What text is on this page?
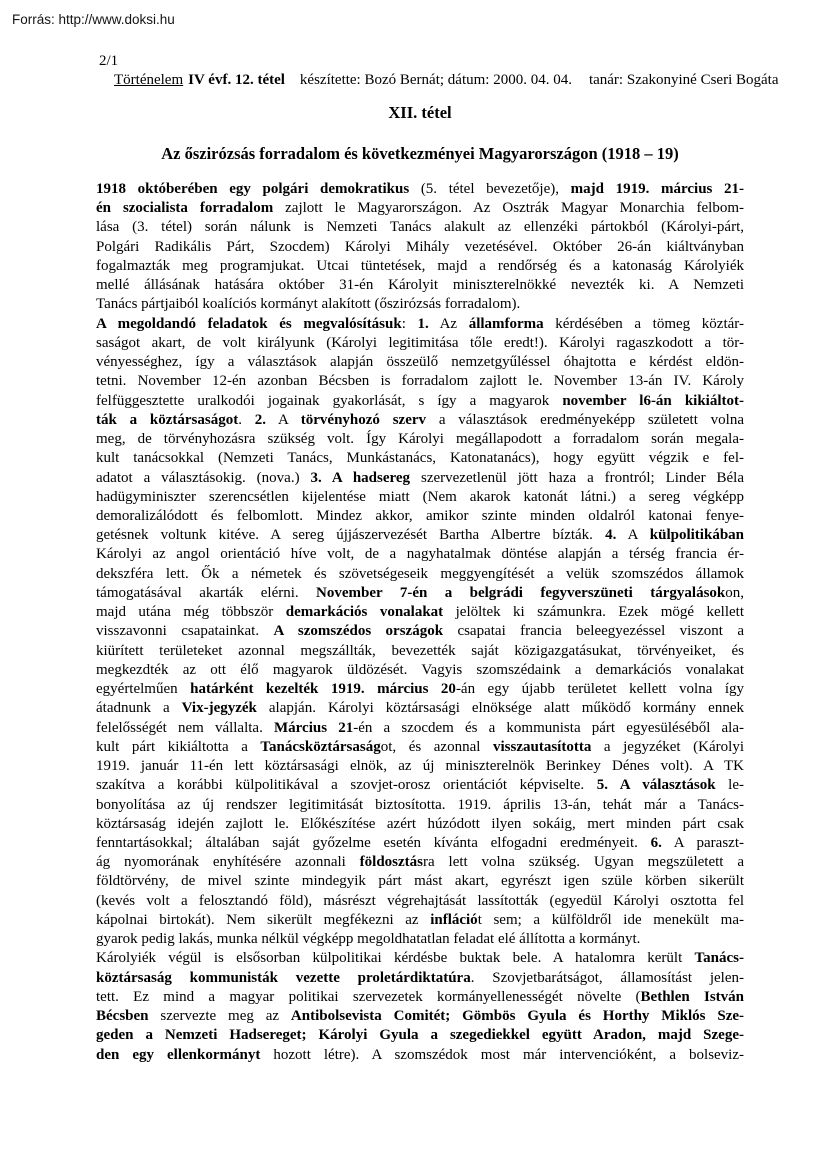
Forrás: http://www.doksi.hu
2/1
Történelem IV évf. 12. tétel készítette: Bozó Bernát; dátum: 2000. 04. 04. tanár: Szakonyiné Cseri Bogáta
XII. tétel
Az őszirózsás forradalom és következményei Magyarországon (1918 – 19)
1918 októberében egy polgári demokratikus (5. tétel bevezetője), majd 1919. március 21-
én szocialista forradalom zajlott le Magyarországon. Az Osztrák Magyar Monarchia felbom-
lása (3. tétel) során nálunk is Nemzeti Tanács alakult az ellenzéki pártokból (Károlyi-párt,
Polgári Radikális Párt, Szocdem) Károlyi Mihály vezetésével. Október 26-án kiáltványban
fogalmazták meg programjukat. Utcai tüntetések, majd a rendőrség és a katonaság Károlyiék
mellé állásának hatására október 31-én Károlyit miniszterelnökké nevezték ki. A Nemzeti
Tanács pártjaiból koalíciós kormányt alakított (őszirózsás forradalom).
A megoldandó feladatok és megvalósításuk: 1. Az államforma kérdésében a tömeg köztár-
saságot akart, de volt királyunk (Károlyi legitimitása tőle eredt!). Károlyi ragaszkodott a tör-
vényességhez, így a választások alapján összeülő nemzetgyűléssel óhajtotta e kérdést eldön-
tetni. November 12-én azonban Bécsben is forradalom zajlott le. November 13-án IV. Károly
felfüggesztette uralkodói jogainak gyakorlását, s így a magyarok november l6-án kikiáltot-
ták a köztársaságot. 2. A törvényhozó szerv a választások eredményeképp született volna
meg, de törvényhozásra szükség volt. Így Károlyi megállapodott a forradalom során megala-
kult tanácsokkal (Nemzeti Tanács, Munkástanács, Katonatanács), hogy együtt végzik e fel-
adatot a választásokig. (nova.) 3. A hadsereg szervezetlenül jött haza a frontról; Linder Béla
hadügyminiszter szerencsétlen kijelentése miatt (Nem akarok katonát látni.) a sereg végképp
demoralizálódott és felbomlott. Mindez akkor, amikor szinte minden oldalról katonai fenye-
getésnek voltunk kitéve. A sereg újjászervezését Bartha Albertre bízták. 4. A külpolitikában
Károlyi az angol orientáció híve volt, de a nagyhatalmak döntése alapján a térség francia ér-
dekszféra lett. Ők a németek és szövetségeseik meggyengítését a velük szomszédos államok
támogatásával akarták elérni. November 7-én a belgrádi fegyverszüneti tárgyalásokon,
majd utána még többször demarkációs vonalakat jelöltek ki számunkra. Ezek mögé kellett
visszavonni csapatainkat. A szomszédos országok csapatai francia beleegyezéssel viszont a
kiürített területeket azonnal megszállták, bevezették saját közigazgatásukat, törvényeiket, és
megkezdték az ott élő magyarok üldözését. Vagyis szomszédaink a demarkációs vonalakat
egyértelműen határként kezelték 1919. március 20-án egy újabb területet kellett volna így
átadnunk a Vix-jegyzék alapján. Károlyi köztársasági elnöksége alatt működő kormány ennek
felelősségét nem vállalta. Március 21-én a szocdem és a kommunista párt egyesüléséből ala-
kult párt kikiáltotta a Tanácsköztársaságot, és azonnal visszautasította a jegyzéket (Károlyi
1919. január 11-én lett köztársasági elnök, az új miniszterelnök Berinkey Dénes volt). A TK
szakítva a korábbi külpolitikával a szovjet-orosz orientációt képviselte. 5. A választások le-
bonyolítása az új rendszer legitimitását biztosította. 1919. április 13-án, tehát már a Tanács-
köztársaság idején zajlott le. Előkészítése azért húzódott ilyen sokáig, mert minden párt csak
fenntartásokkal; általában saját győzelme esetén kívánta elfogadni eredményeit. 6. A paraszt-
ág nyomorának enyhítésére azonnali földosztásra lett volna szükség. Ugyan megszületett a
földtörvény, de mivel szinte mindegyik párt mást akart, egyrészt igen szüle körben sikerült
(kevés volt a felosztandó föld), másrészt végrehajtását lassították (egyedül Károlyi osztotta fel
kápolnai birtokát). Nem sikerült megfékezni az inflációt sem; a külföldről ide menekült ma-
gyarok pedig lakás, munka nélkül végképp megoldhatatlan feladat elé állította a kormányt.
Károlyiék végül is elsősorban külpolitikai kérdésbe buktak bele. A hatalomra került Tanács-
köztársaság kommunisták vezette proletárdiktatúra. Szovjetbarátságot, államosítást jelen-
tett. Ez mind a magyar politikai szervezetek kormányellenességét növelte (Bethlen István
Bécsben szervezte meg az Antibolsevista Comitét; Gömbös Gyula és Horthy Miklós Sze-
geden a Nemzeti Hadsereget; Károlyi Gyula a szegediekkel együtt Aradon, majd Szege-
den egy ellenkormányt hozott létre). A szomszédok most már intervencióként, a bolseviz-
